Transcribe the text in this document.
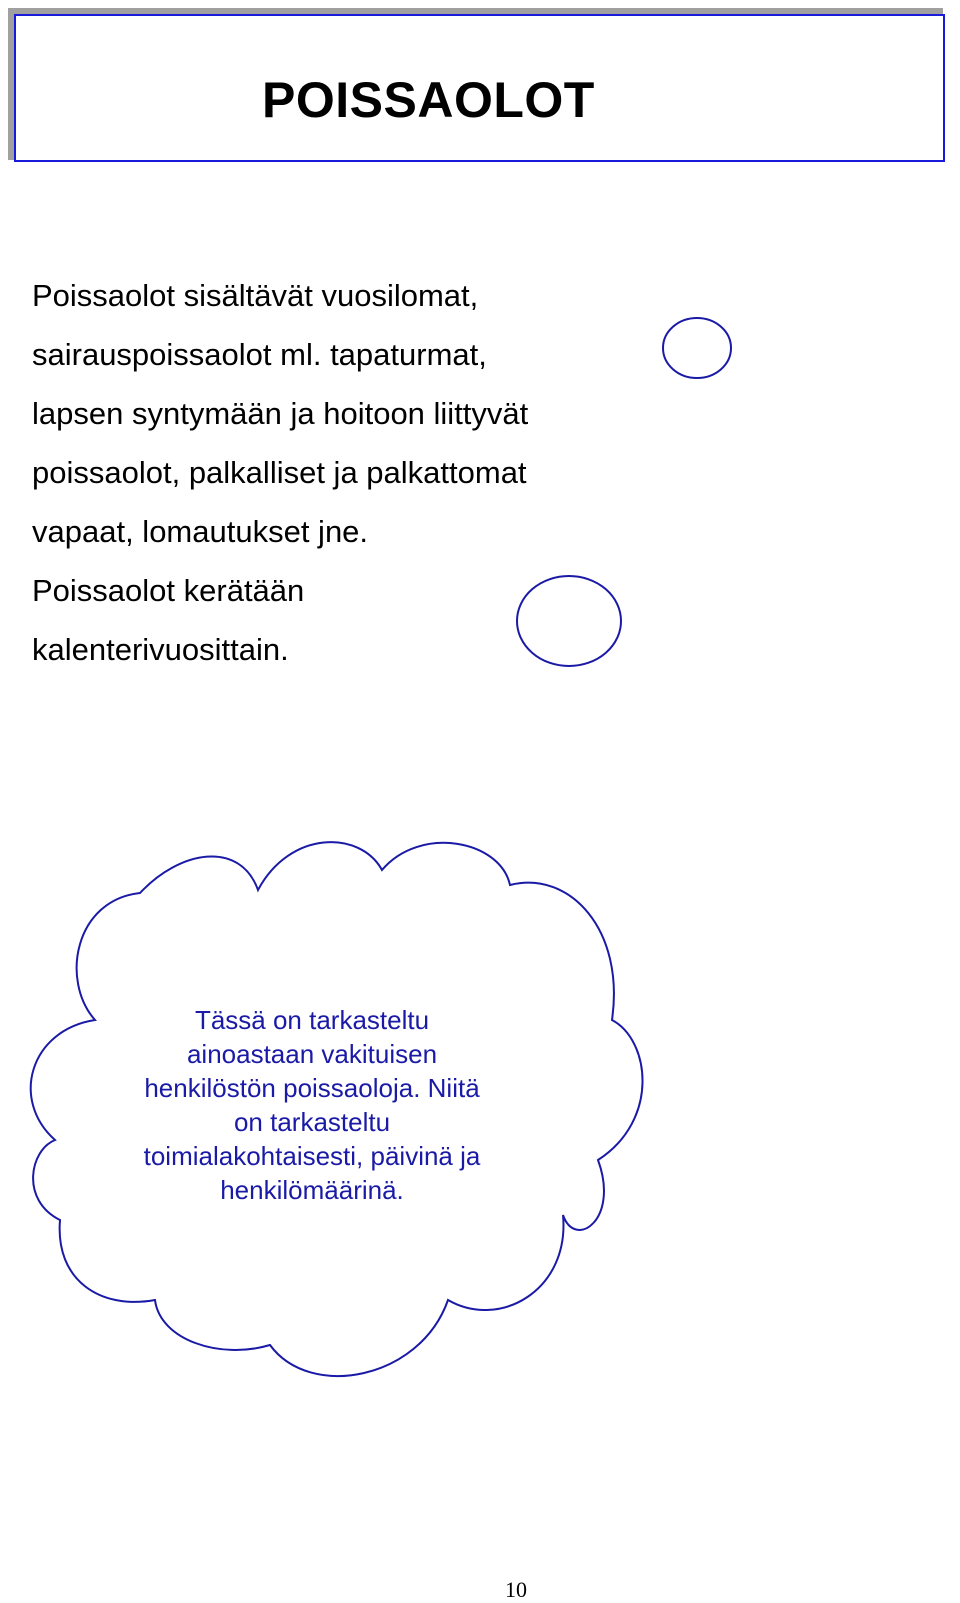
POISSAOLOT

Poissaolot sisältävät vuosilomat,
sairauspoissaolot ml. tapaturmat,
lapsen syntymään ja hoitoon liittyvät
poissaolot, palkalliset ja palkattomat
vapaat, lomautukset jne.
Poissaolot kerätään
kalenterivuosittain.

Tässä on tarkasteltu
ainoastaan vakituisen
henkilöstön poissaoloja. Niitä
on tarkasteltu
toimialakohtaisesti, päivinä ja
henkilömäärinä.

10
